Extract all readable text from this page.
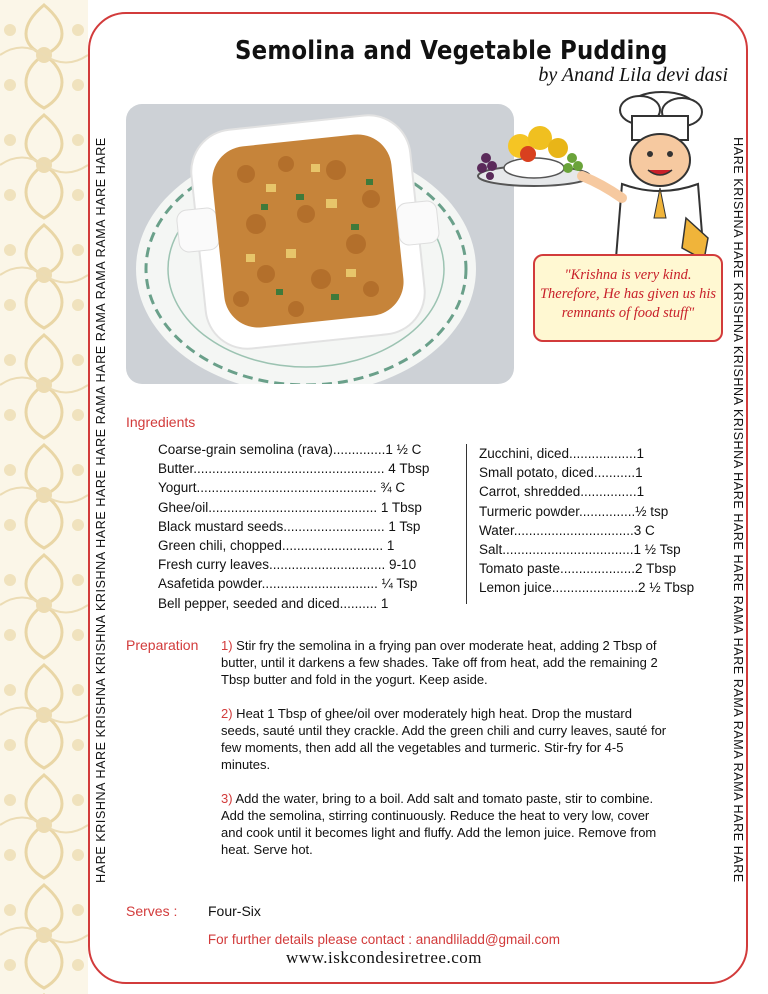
HARE KRISHNA HARE KRISHNA KRISHNA KRISHNA HARE HARE HARE RAMA HARE RAMA RAMA RAMA HARE HARE	HARE KRISHNA HARE KRISHNA KRISHNA KRISHNA HARE HARE HARE RAMA HARE RAMA RAMA RAMA HARE HARE
Semolina and Vegetable Pudding
by Anand Lila devi dasi
"Krishna is very kind. Therefore, He has given us his remnants of food stuff"
Ingredients
Coarse-grain semolina (rava)..............1 ½ C
Butter................................................... 4 Tbsp
Yogurt................................................ ¾ C
Ghee/oil............................................. 1 Tbsp
Black mustard seeds........................... 1 Tsp
Green chili, chopped........................... 1
Fresh curry leaves............................... 9-10
Asafetida powder............................... ¼ Tsp
Bell pepper, seeded and diced.......... 1
Zucchini, diced..................1
Small potato, diced...........1
Carrot, shredded...............1
Turmeric powder...............½ tsp
Water................................3 C
Salt...................................1 ½ Tsp
Tomato paste....................2 Tbsp
Lemon juice.......................2 ½ Tbsp
Preparation 1) Stir fry the semolina in a frying pan over moderate heat, adding 2 Tbsp of butter, until it darkens a few shades. Take off from heat, add the remaining 2 Tbsp butter and fold in the yogurt. Keep aside.

2) Heat 1 Tbsp of ghee/oil over moderately high heat. Drop the mustard seeds, sauté until they crackle. Add the green chili and curry leaves, sauté for few moments, then add all the vegetables and turmeric. Stir-fry for 4-5 minutes.

3) Add the water, bring to a boil. Add salt and tomato paste, stir to combine. Add the semolina, stirring continuously. Reduce the heat to very low, cover and cook until it becomes light and fluffy. Add the lemon juice. Remove from heat. Serve hot.

Serves : Four-Six
For further details please contact : anandliladd@gmail.com
www.iskcondesiretree.com
